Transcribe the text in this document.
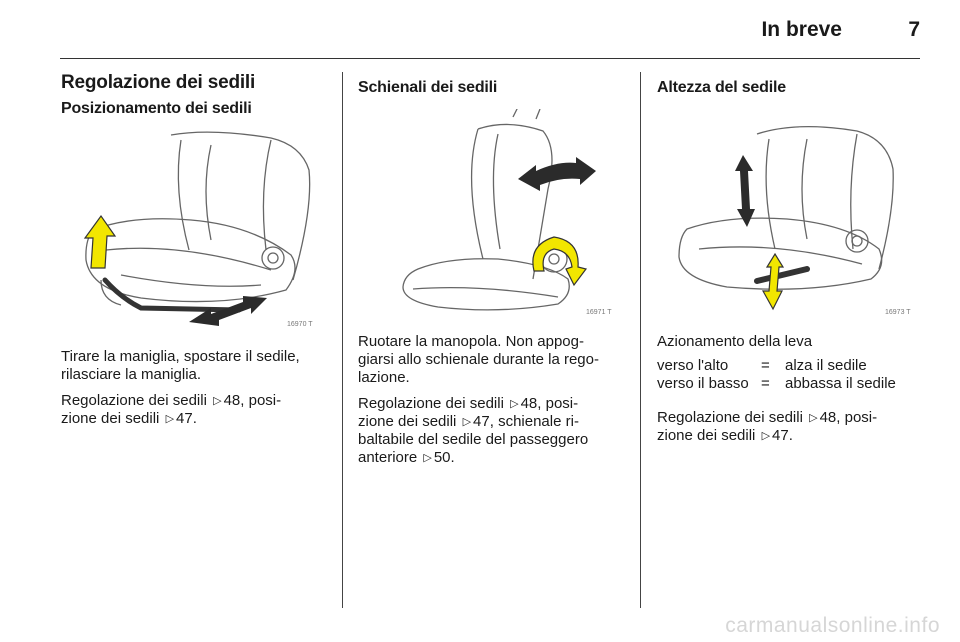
In breve	7
Regolazione dei sedili
Posizionamento dei sedili
16970 T

Tirare la maniglia, spostare il sedile, rilasciare la maniglia.

Regolazione dei sedili ▷ 48, posi-
zione dei sedili ▷ 47.

Schienali dei sedili
16971 T

Ruotare la manopola. Non appog-
giarsi allo schienale durante la rego-
lazione.

Regolazione dei sedili ▷ 48, posi-
zione dei sedili ▷ 47, schienale ri-
baltabile del sedile del passeggero
anteriore ▷ 50.

Altezza del sedile
16973 T

Azionamento della leva

verso l'alto	=	alza il sedile
verso il basso	=	abbassa il sedile

Regolazione dei sedili ▷ 48, posi-
zione dei sedili ▷ 47.

carmanualsonline.info
